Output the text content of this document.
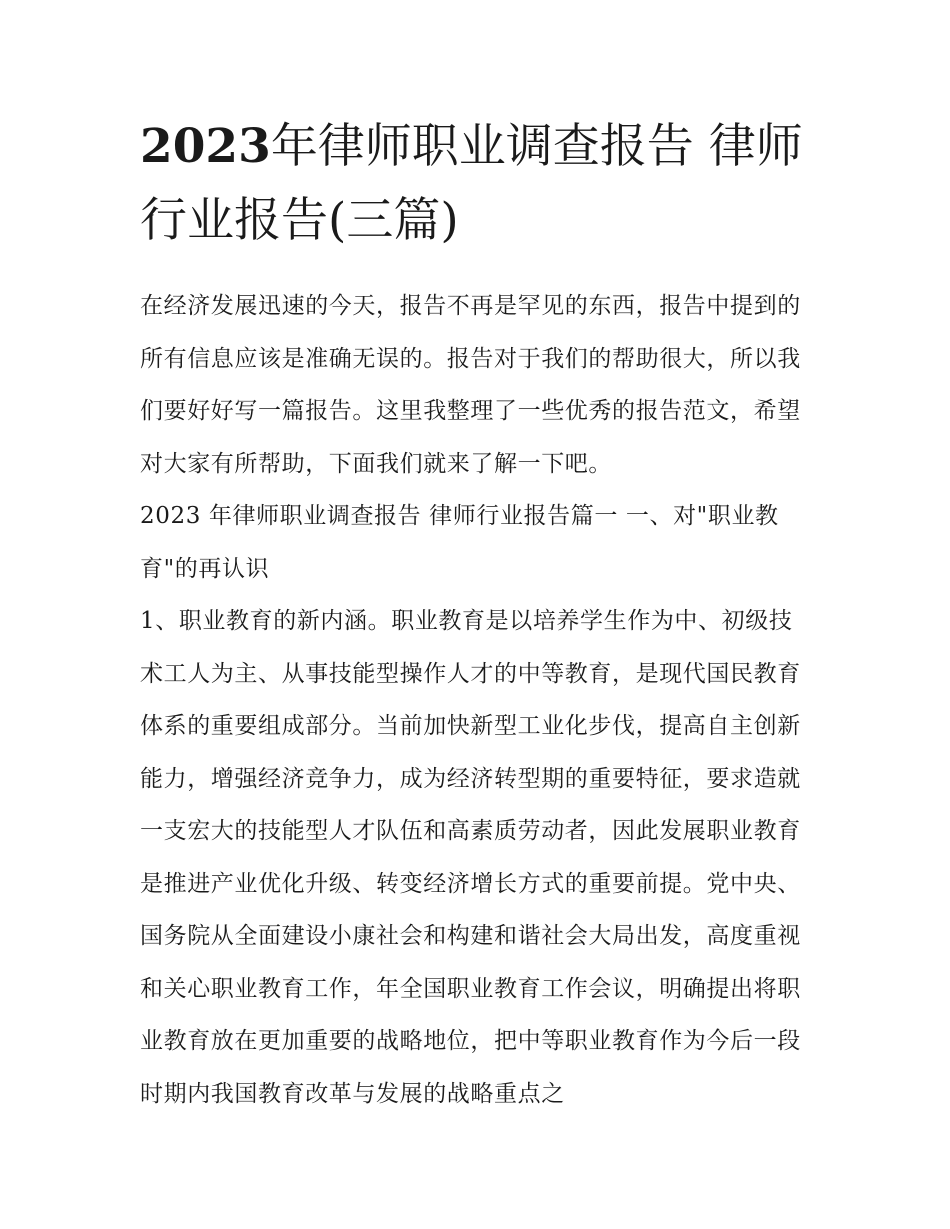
2023年律师职业调查报告 律师行业报告(三篇)

在经济发展迅速的今天，报告不再是罕见的东西，报告中提到的所有信息应该是准确无误的。报告对于我们的帮助很大，所以我们要好好写一篇报告。这里我整理了一些优秀的报告范文，希望对大家有所帮助，下面我们就来了解一下吧。

2023 年律师职业调查报告 律师行业报告篇一 一、对"职业教育"的再认识

1、职业教育的新内涵。职业教育是以培养学生作为中、初级技术工人为主、从事技能型操作人才的中等教育，是现代国民教育体系的重要组成部分。当前加快新型工业化步伐，提高自主创新能力，增强经济竞争力，成为经济转型期的重要特征，要求造就一支宏大的技能型人才队伍和高素质劳动者，因此发展职业教育是推进产业优化升级、转变经济增长方式的重要前提。党中央、国务院从全面建设小康社会和构建和谐社会大局出发，高度重视和关心职业教育工作，年全国职业教育工作会议，明确提出将职业教育放在更加重要的战略地位，把中等职业教育作为今后一段时期内我国教育改革与发展的战略重点之
